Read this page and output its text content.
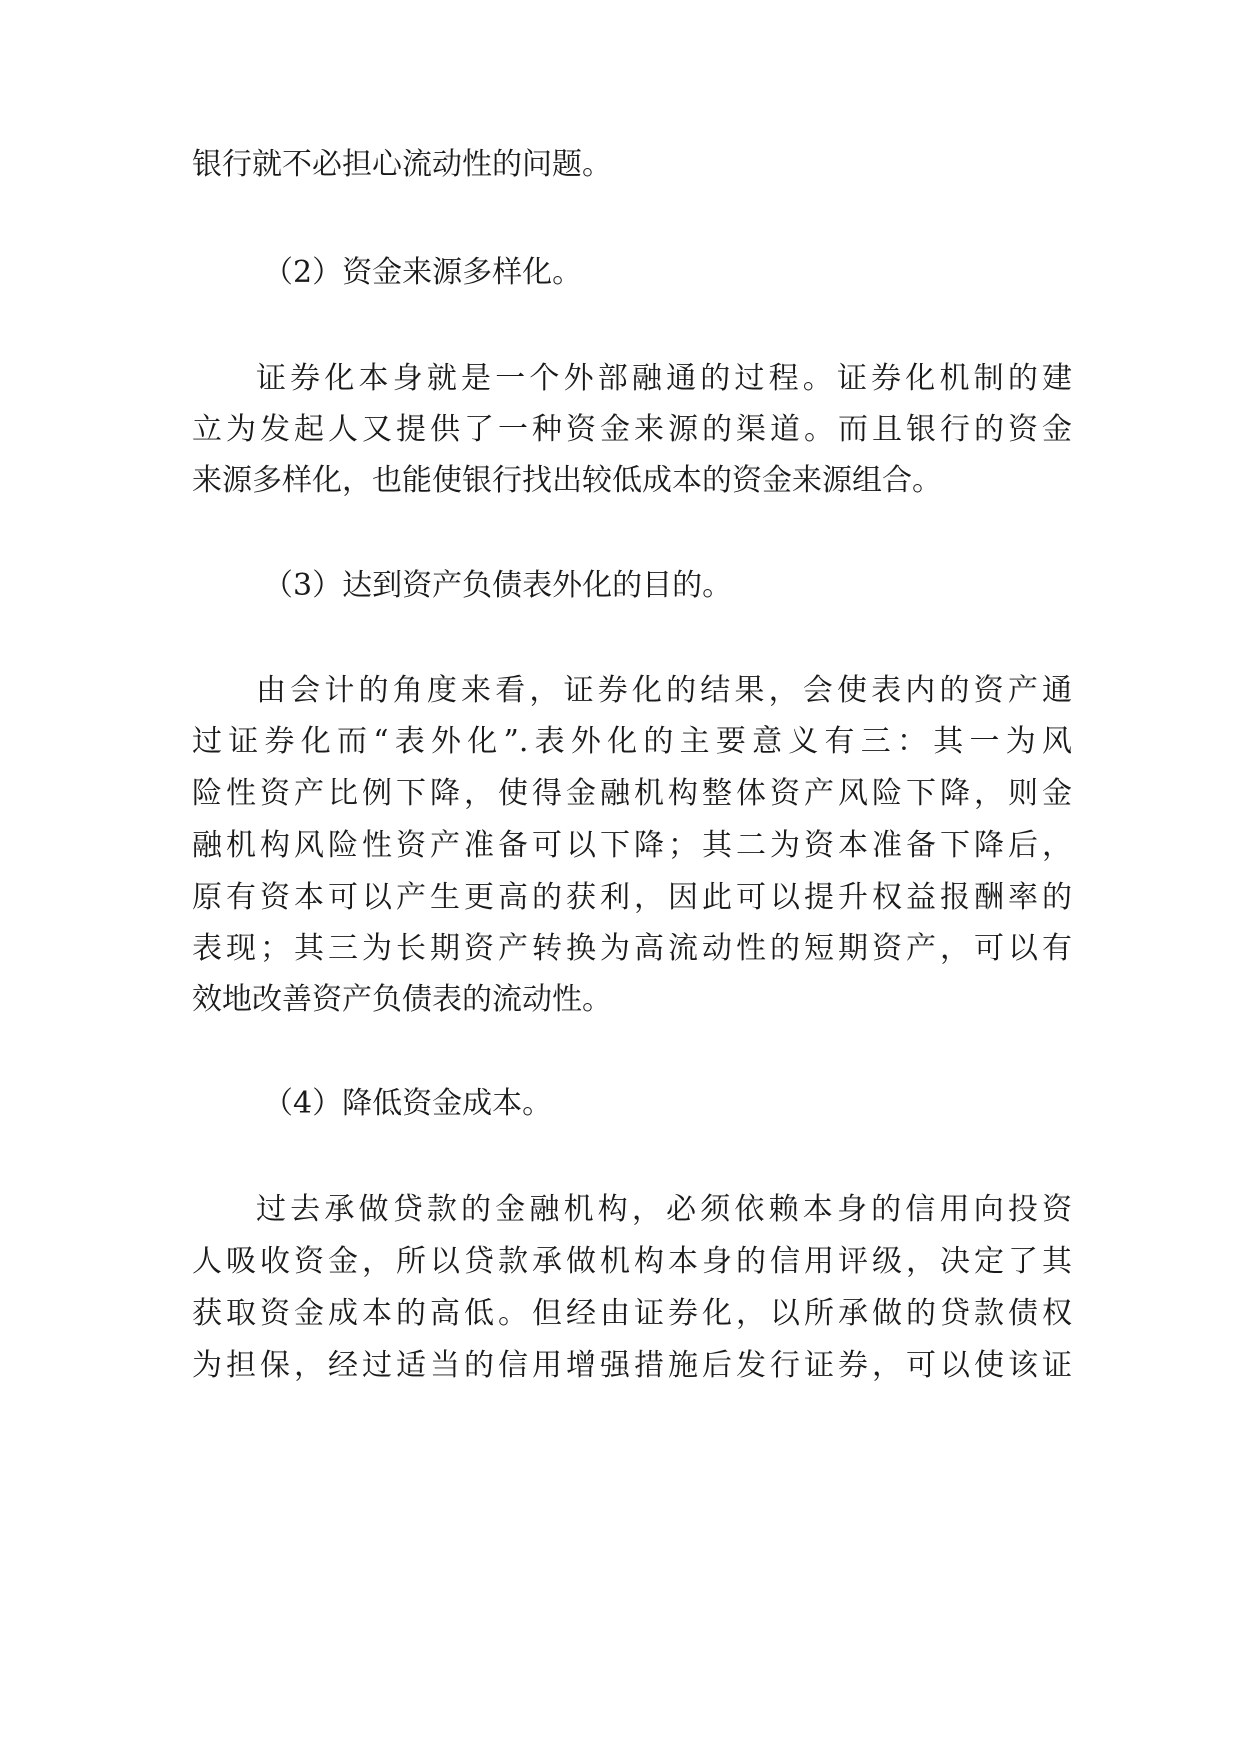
银行就不必担心流动性的问题。
（2）资金来源多样化。
证券化本身就是一个外部融通的过程。证券化机制的建
立为发起人又提供了一种资金来源的渠道。而且银行的资金
来源多样化，也能使银行找出较低成本的资金来源组合。
（3）达到资产负债表外化的目的。
由会计的角度来看，证券化的结果，会使表内的资产通
过证券化而“表外化”.表外化的主要意义有三：其一为风
险性资产比例下降，使得金融机构整体资产风险下降，则金
融机构风险性资产准备可以下降；其二为资本准备下降后，
原有资本可以产生更高的获利，因此可以提升权益报酬率的
表现；其三为长期资产转换为高流动性的短期资产，可以有
效地改善资产负债表的流动性。
（4）降低资金成本。
过去承做贷款的金融机构，必须依赖本身的信用向投资
人吸收资金，所以贷款承做机构本身的信用评级，决定了其
获取资金成本的高低。但经由证券化，以所承做的贷款债权
为担保，经过适当的信用增强措施后发行证券，可以使该证
